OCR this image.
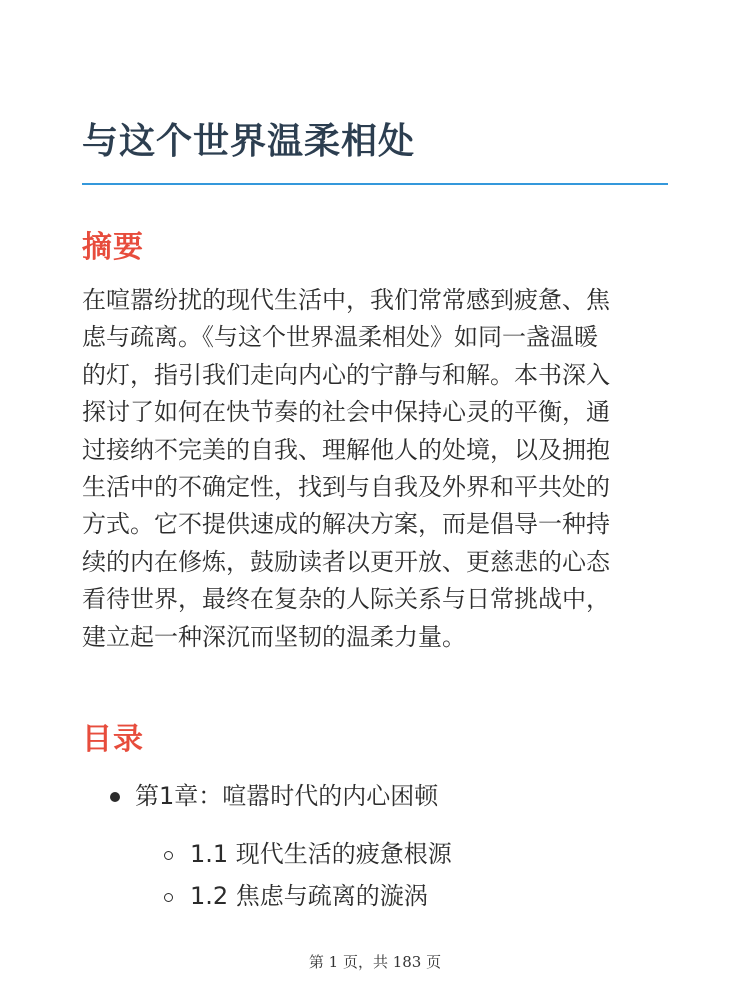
与这个世界温柔相处
摘要

在喧嚣纷扰的现代生活中，我们常常感到疲惫、焦
虑与疏离。《与这个世界温柔相处》如同一盏温暖
的灯，指引我们走向内心的宁静与和解。本书深入
探讨了如何在快节奏的社会中保持心灵的平衡，通
过接纳不完美的自我、理解他人的处境，以及拥抱
生活中的不确定性，找到与自我及外界和平共处的
方式。它不提供速成的解决方案，而是倡导一种持
续的内在修炼，鼓励读者以更开放、更慈悲的心态
看待世界，最终在复杂的人际关系与日常挑战中，
建立起一种深沉而坚韧的温柔力量。

目录
第1章：喧嚣时代的内心困顿
1.1 现代生活的疲惫根源
1.2 焦虑与疏离的漩涡
第 1 页，共 183 页
